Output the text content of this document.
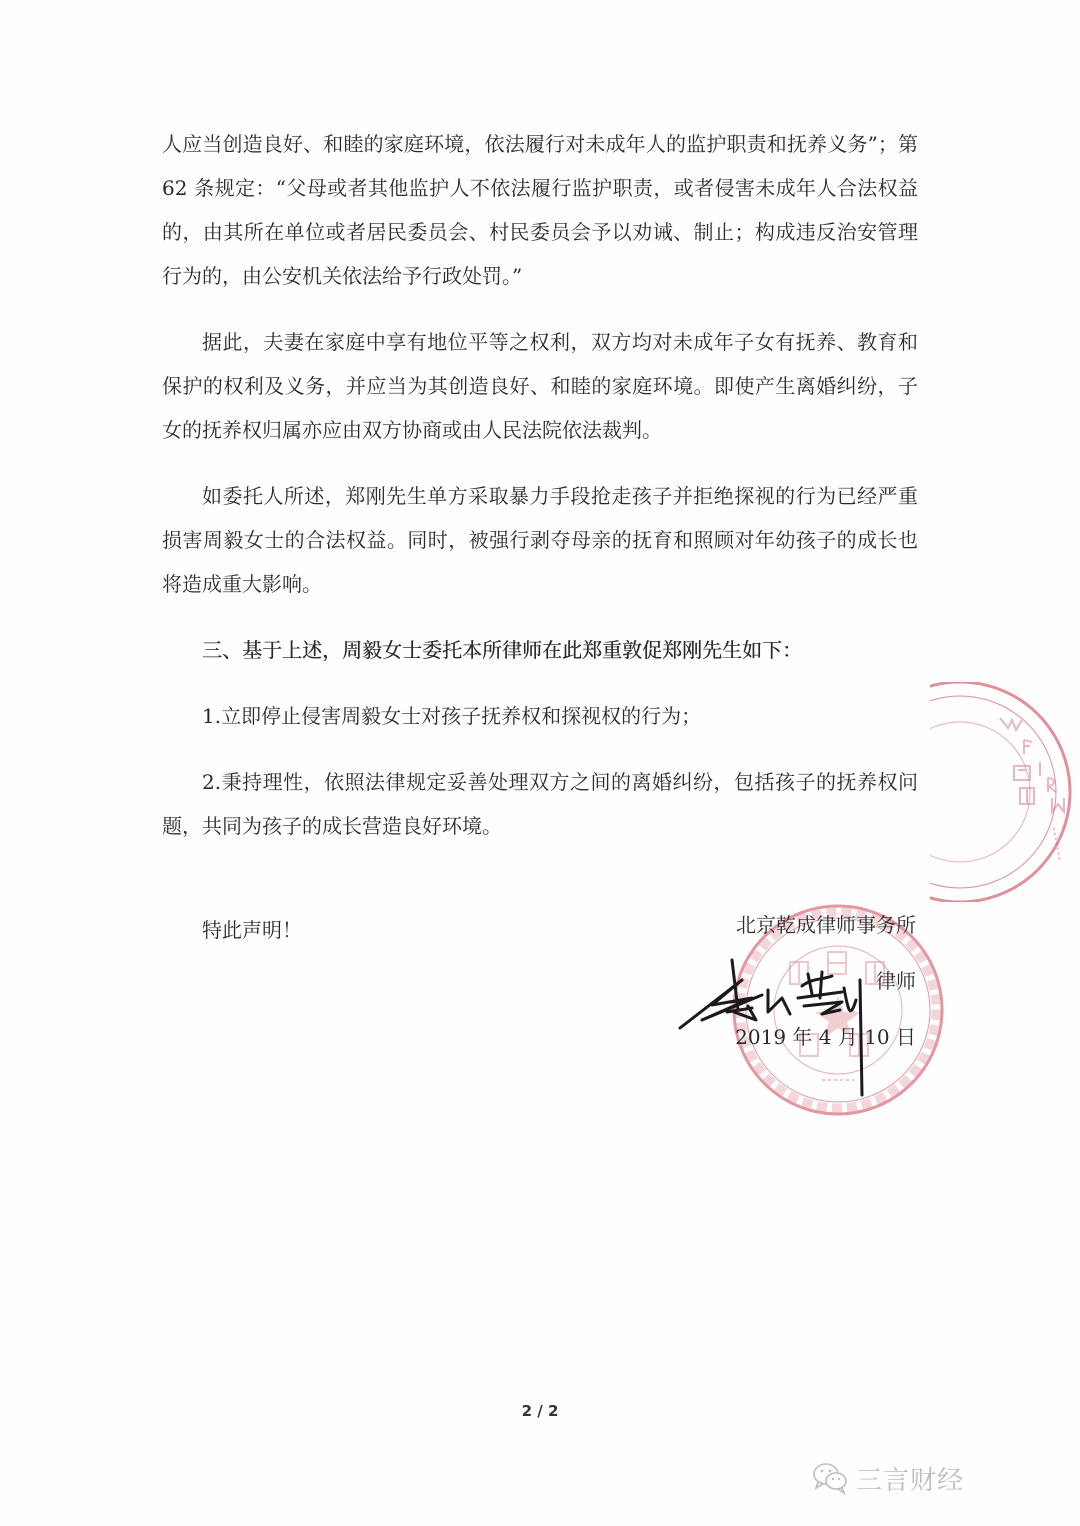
人应当创造良好、和睦的家庭环境，依法履行对未成年人的监护职责和抚养义务”；第 62 条规定：“父母或者其他监护人不依法履行监护职责，或者侵害未成年人合法权益的，由其所在单位或者居民委员会、村民委员会予以劝诫、制止；构成违反治安管理行为的，由公安机关依法给予行政处罚。”

据此，夫妻在家庭中享有地位平等之权利，双方均对未成年子女有抚养、教育和保护的权利及义务，并应当为其创造良好、和睦的家庭环境。即使产生离婚纠纷，子女的抚养权归属亦应由双方协商或由人民法院依法裁判。

如委托人所述，郑刚先生单方采取暴力手段抢走孩子并拒绝探视的行为已经严重损害周毅女士的合法权益。同时，被强行剥夺母亲的抚育和照顾对年幼孩子的成长也将造成重大影响。

三、基于上述，周毅女士委托本所律师在此郑重敦促郑刚先生如下：

1.立即停止侵害周毅女士对孩子抚养权和探视权的行为；

2.秉持理性，依照法律规定妥善处理双方之间的离婚纠纷，包括孩子的抚养权问题，共同为孩子的成长营造良好环境。

特此声明！	北京乾成律师事务所
律师
2019 年 4 月 10 日
2 / 2
三言财经
